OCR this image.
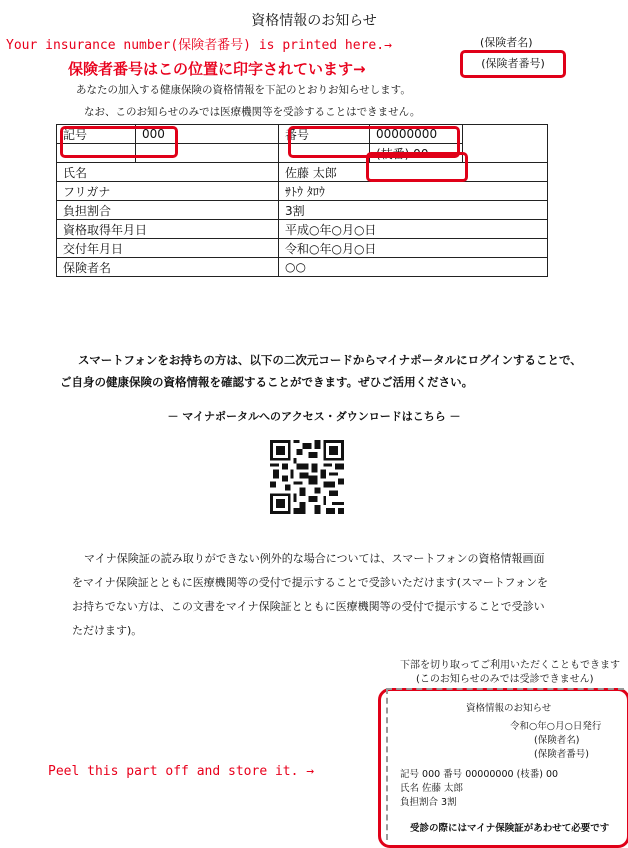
資格情報のお知らせ
Your insurance number(保険者番号) is printed here.→	(保険者名)
(保険者番号)
保険者番号はこの位置に印字されています→
あなたの加入する健康保険の資格情報を下記のとおりお知らせします。
なお、このお知らせのみでは医療機関等を受診することはできません。
記号	000	番号	00000000	
			(枝番) 00	
氏名		佐藤 太郎		
フリガナ		ｻﾄｳ ﾀﾛｳ		
負担割合		3割		
資格取得年月日		平成○年○月○日		
交付年月日		令和○年○月○日		
保険者名		○○		
スマートフォンをお持ちの方は、以下の二次元コードからマイナポータルにログインすることで、
ご自身の健康保険の資格情報を確認することができます。ぜひご活用ください。
－ マイナポータルへのアクセス・ダウンロードはこちら －
マイナ保険証の読み取りができない例外的な場合については、スマートフォンの資格情報画面
をマイナ保険証とともに医療機関等の受付で提示することで受診いただけます(スマートフォンを
お持ちでない方は、この文書をマイナ保険証とともに医療機関等の受付で提示することで受診い
ただけます)。
下部を切り取ってご利用いただくこともできます
(このお知らせのみでは受診できません)
Peel this part off and store it. →
資格情報のお知らせ
令和○年○月○日発行
(保険者名)
(保険者番号)
記号 000 番号 00000000 (枝番) 00
氏名 佐藤 太郎
負担割合 3割
受診の際にはマイナ保険証があわせて必要です
